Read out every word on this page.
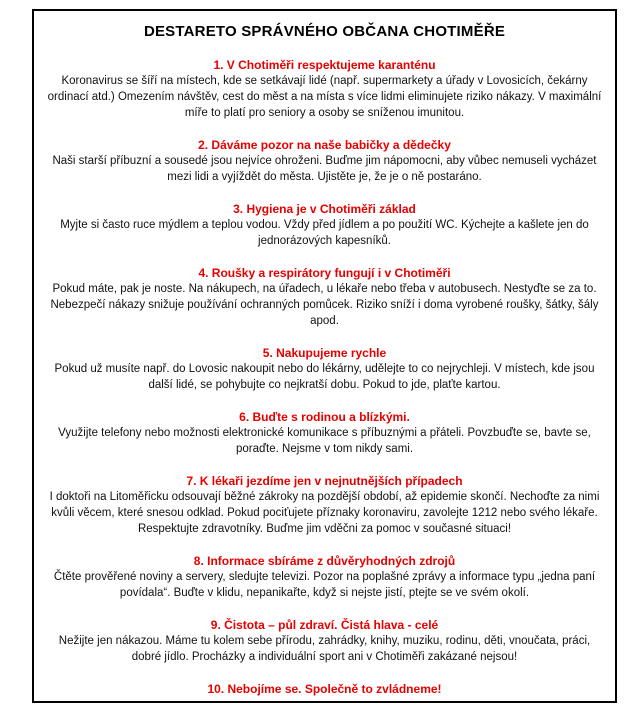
DESTARETO SPRÁVNÉHO OBČANA CHOTIMĚŘE
1. V Chotiměři respektujeme karanténu
Koronavirus se šíří na místech, kde se setkávají lidé (např. supermarkety a úřady v Lovosicích, čekárny ordinací atd.) Omezením návštěv, cest do měst a na místa s více lidmi eliminujete riziko nákazy. V maximální míře to platí pro seniory a osoby se sníženou imunitou.
2. Dáváme pozor na naše babičky a dědečky
Naši starší příbuzní a sousedé jsou nejvíce ohroženi. Buďme jim nápomocni, aby vůbec nemuseli vycházet mezi lidi a vyjíždět do města. Ujistěte je, že je o ně postaráno.
3. Hygiena je v Chotiměři základ
Myjte si často ruce mýdlem a teplou vodou. Vždy před jídlem a po použití WC. Kýchejte a kašlete jen do jednorázových kapesníků.
4. Roušky a respirátory fungují i v Chotiměři
Pokud máte, pak je noste. Na nákupech, na úřadech, u lékaře nebo třeba v autobusech. Nestyďte se za to. Nebezpečí nákazy snižuje používání ochranných pomůcek. Riziko sníží i doma vyrobené roušky, šátky, šály apod.
5. Nakupujeme rychle
Pokud už musíte např. do Lovosic nakoupit nebo do lékárny, udělejte to co nejrychleji. V místech, kde jsou další lidé, se pohybujte co nejkratší dobu. Pokud to jde, plaťte kartou.
6. Buďte s rodinou a blízkými.
Využijte telefony nebo možnosti elektronické komunikace s příbuznými a přáteli. Povzbuďte se, bavte se, poraďte. Nejsme v tom nikdy sami.
7. K lékaři jezdíme jen v nejnutnějších případech
I doktoři na Litoměřicku odsouvají běžné zákroky na pozdější období, až epidemie skončí. Nechoďte za nimi kvůli věcem, které snesou odklad. Pokud pociťujete příznaky koronaviru, zavolejte 1212 nebo svého lékaře. Respektujte zdravotníky. Buďme jim vděčni za pomoc v současné situaci!
8. Informace sbíráme z důvěryhodných zdrojů
Čtěte prověřené noviny a servery, sledujte televizi. Pozor na poplašné zprávy a informace typu „jedna paní povídala“. Buďte v klidu, nepanikařte, když si nejste jistí, ptejte se ve svém okolí.
9. Čistota – půl zdraví. Čistá hlava - celé
Nežijte jen nákazou. Máme tu kolem sebe přírodu, zahrádky, knihy, muziku, rodinu, děti, vnoučata, práci, dobré jídlo. Procházky a individuální sport ani v Chotiměři zakázané nejsou!
10. Nebojíme se. Společně to zvládneme!
